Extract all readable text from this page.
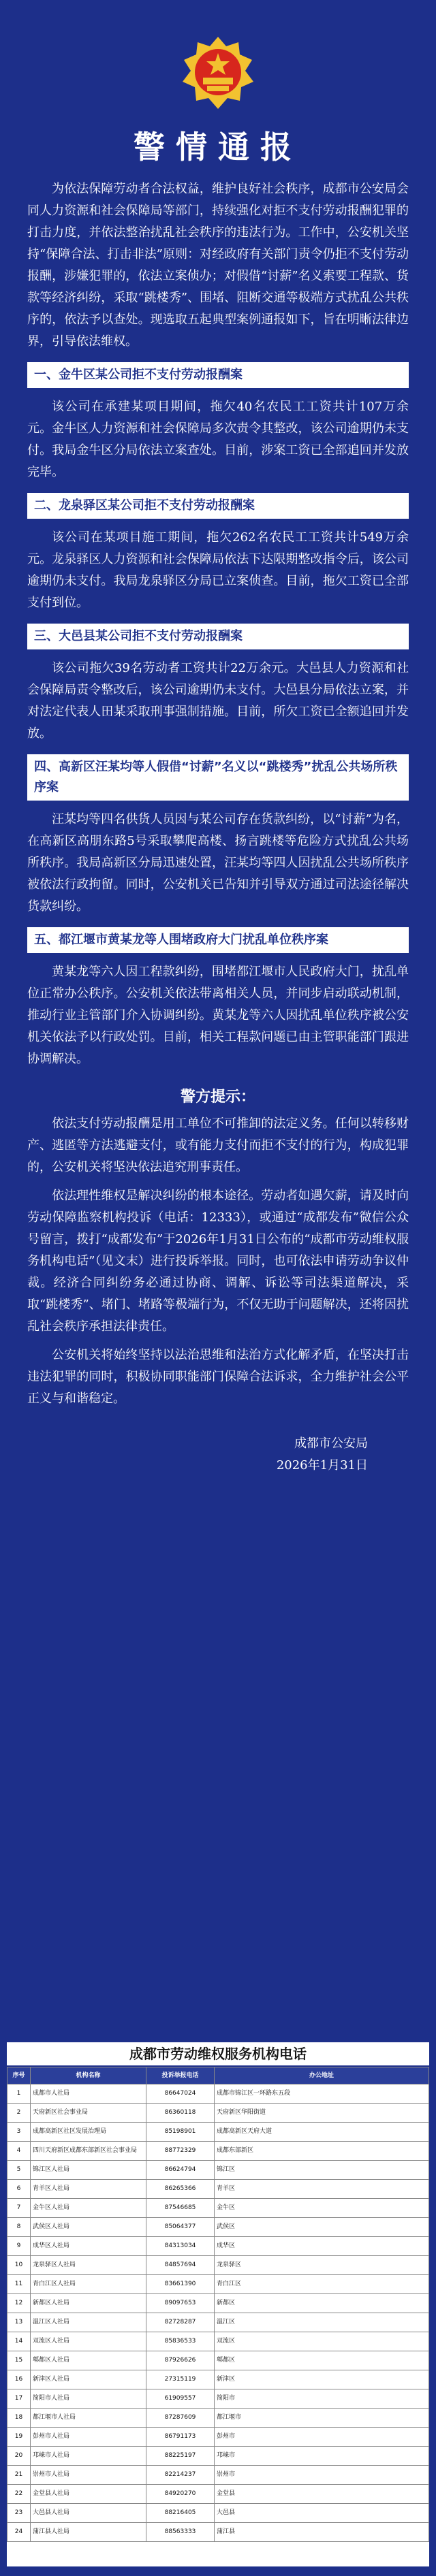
警情通报

为依法保障劳动者合法权益，维护良好社会秩序，成都市公安局会同人力资源和社会保障局等部门，持续强化对拒不支付劳动报酬犯罪的打击力度，并依法整治扰乱社会秩序的违法行为。工作中，公安机关坚持“保障合法、打击非法”原则：对经政府有关部门责令仍拒不支付劳动报酬，涉嫌犯罪的，依法立案侦办；对假借“讨薪”名义索要工程款、货款等经济纠纷，采取“跳楼秀”、围堵、阻断交通等极端方式扰乱公共秩序的，依法予以查处。现选取五起典型案例通报如下，旨在明晰法律边界，引导依法维权。

一、金牛区某公司拒不支付劳动报酬案

该公司在承建某项目期间，拖欠40名农民工工资共计107万余元。金牛区人力资源和社会保障局多次责令其整改，该公司逾期仍未支付。我局金牛区分局依法立案查处。目前，涉案工资已全部追回并发放完毕。

二、龙泉驿区某公司拒不支付劳动报酬案

该公司在某项目施工期间，拖欠262名农民工工资共计549万余元。龙泉驿区人力资源和社会保障局依法下达限期整改指令后，该公司逾期仍未支付。我局龙泉驿区分局已立案侦查。目前，拖欠工资已全部支付到位。

三、大邑县某公司拒不支付劳动报酬案

该公司拖欠39名劳动者工资共计22万余元。大邑县人力资源和社会保障局责令整改后，该公司逾期仍未支付。大邑县分局依法立案，并对法定代表人田某采取刑事强制措施。目前，所欠工资已全额追回并发放。

四、高新区汪某均等人假借“讨薪”名义以“跳楼秀”扰乱公共场所秩序案

汪某均等四名供货人员因与某公司存在货款纠纷，以“讨薪”为名，在高新区高朋东路5号采取攀爬高楼、扬言跳楼等危险方式扰乱公共场所秩序。我局高新区分局迅速处置，汪某均等四人因扰乱公共场所秩序被依法行政拘留。同时，公安机关已告知并引导双方通过司法途径解决货款纠纷。

五、都江堰市黄某龙等人围堵政府大门扰乱单位秩序案

黄某龙等六人因工程款纠纷，围堵都江堰市人民政府大门，扰乱单位正常办公秩序。公安机关依法带离相关人员，并同步启动联动机制，推动行业主管部门介入协调纠纷。黄某龙等六人因扰乱单位秩序被公安机关依法予以行政处罚。目前，相关工程款问题已由主管职能部门跟进协调解决。

警方提示：

依法支付劳动报酬是用工单位不可推卸的法定义务。任何以转移财产、逃匿等方法逃避支付，或有能力支付而拒不支付的行为，构成犯罪的，公安机关将坚决依法追究刑事责任。

依法理性维权是解决纠纷的根本途径。劳动者如遇欠薪，请及时向劳动保障监察机构投诉（电话：12333），或通过“成都发布”微信公众号留言，拨打“成都发布”于2026年1月31日公布的“成都市劳动维权服务机构电话”（见文末）进行投诉举报。同时，也可依法申请劳动争议仲裁。经济合同纠纷务必通过协商、调解、诉讼等司法渠道解决，采取“跳楼秀”、堵门、堵路等极端行为，不仅无助于问题解决，还将因扰乱社会秩序承担法律责任。

公安机关将始终坚持以法治思维和法治方式化解矛盾，在坚决打击违法犯罪的同时，积极协同职能部门保障合法诉求，全力维护社会公平正义与和谐稳定。

成都市公安局
2026年1月31日
成都市劳动维权服务机构电话
序号	机构名称	投诉举报电话	办公地址
1	成都市人社局	86647024	成都市锦江区一环路东五段
2	天府新区社会事业局	86360118	天府新区华阳街道
3	成都高新区社区发展治理局	85198901	成都高新区天府大道
4	四川天府新区成都东部新区社会事业局	88772329	成都东部新区
5	锦江区人社局	86624794	锦江区
6	青羊区人社局	86265366	青羊区
7	金牛区人社局	87546685	金牛区
8	武侯区人社局	85064377	武侯区
9	成华区人社局	84313034	成华区
10	龙泉驿区人社局	84857694	龙泉驿区
11	青白江区人社局	83661390	青白江区
12	新都区人社局	89097653	新都区
13	温江区人社局	82728287	温江区
14	双流区人社局	85836533	双流区
15	郫都区人社局	87926626	郫都区
16	新津区人社局	27315119	新津区
17	简阳市人社局	61909557	简阳市
18	都江堰市人社局	87287609	都江堰市
19	彭州市人社局	86791173	彭州市
20	邛崃市人社局	88225197	邛崃市
21	崇州市人社局	82214237	崇州市
22	金堂县人社局	84920270	金堂县
23	大邑县人社局	88216405	大邑县
24	蒲江县人社局	88563333	蒲江县
